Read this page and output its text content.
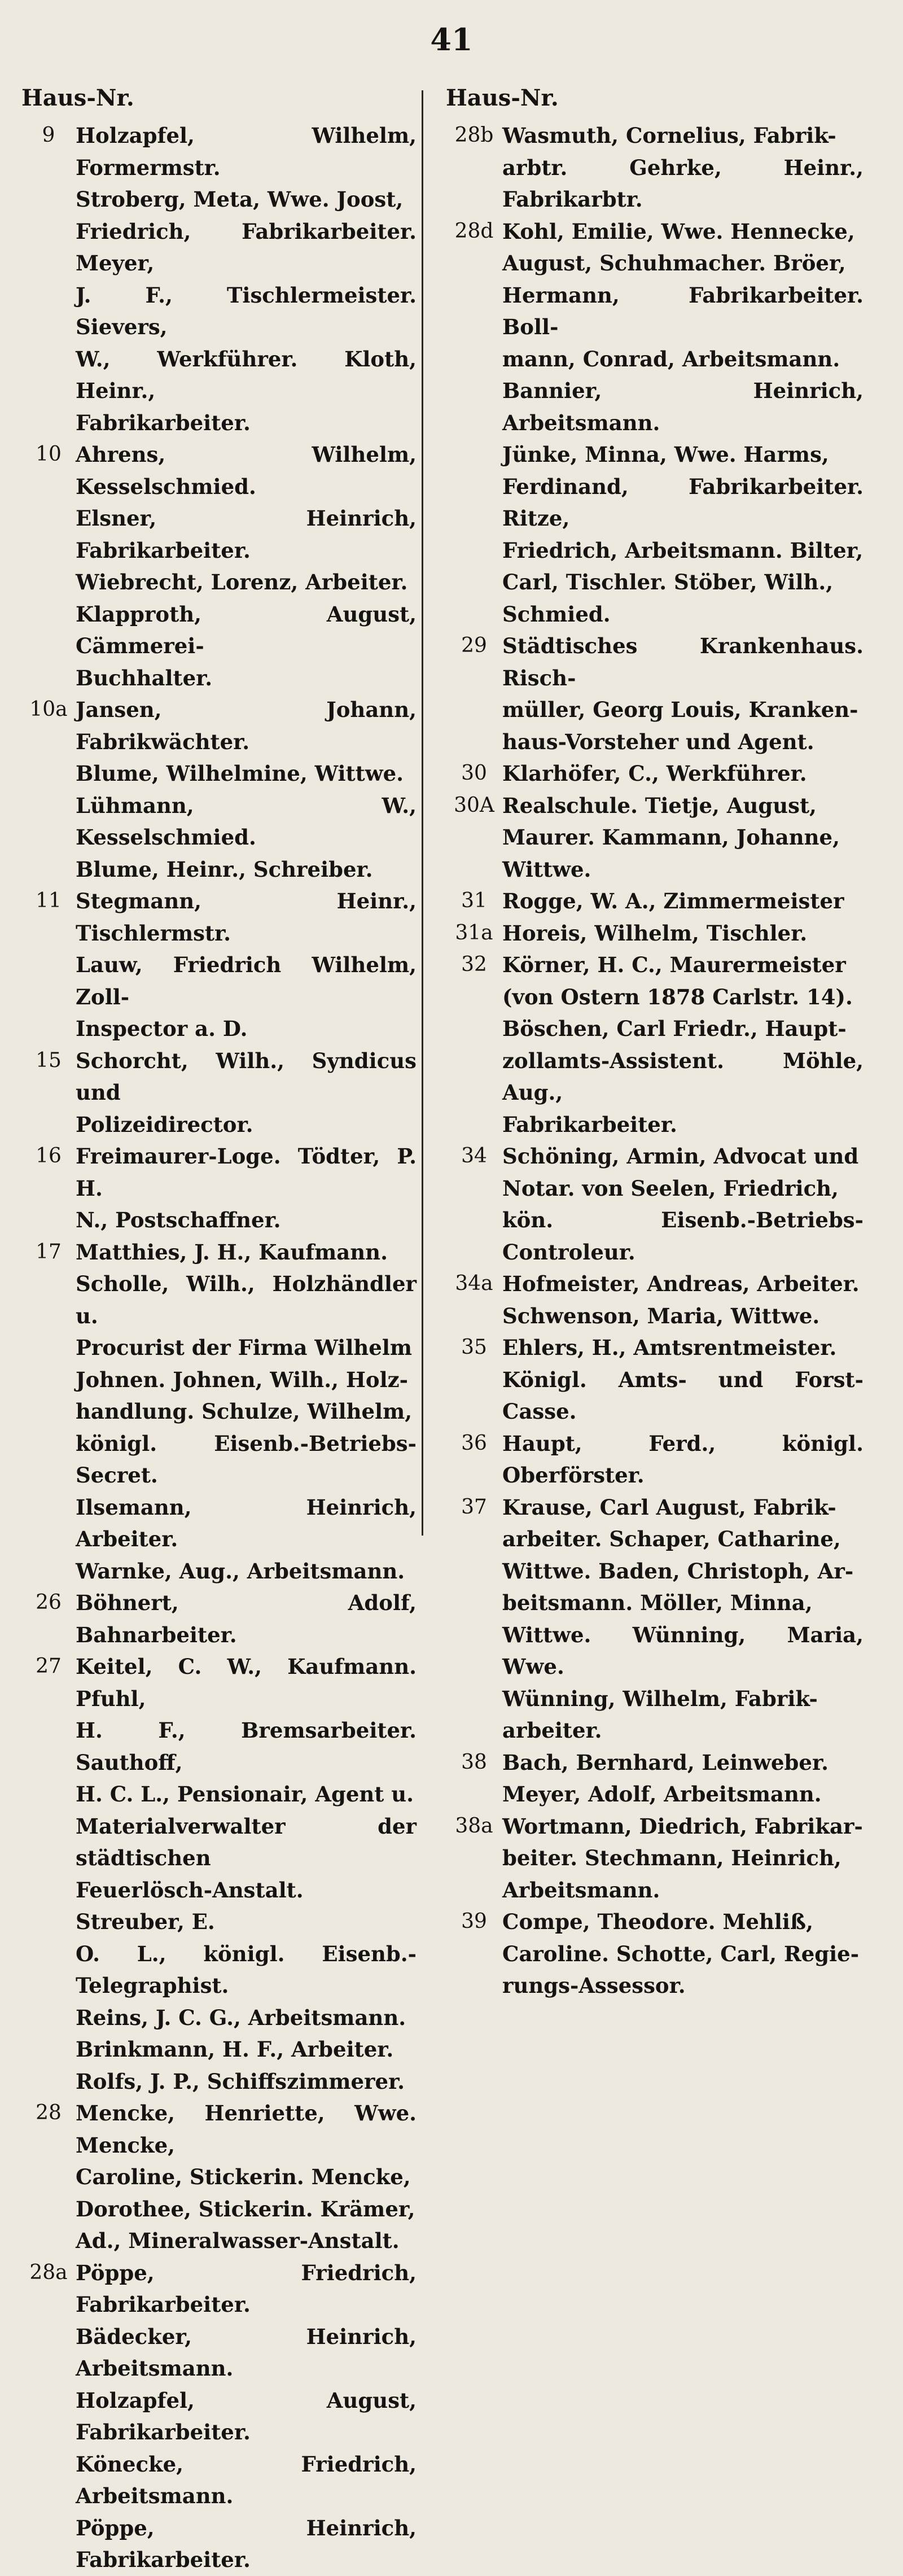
41
Haus-Nr.
9 Holzapfel, Wilhelm, Formermstr.
Stroberg, Meta, Wwe. Joost,
Friedrich, Fabrikarbeiter. Meyer,
J. F., Tischlermeister. Sievers,
W., Werkführer. Kloth, Heinr.,
Fabrikarbeiter.
10 Ahrens, Wilhelm, Kesselschmied.
Elsner, Heinrich, Fabrikarbeiter.
Wiebrecht, Lorenz, Arbeiter.
Klapproth, August, Cämmerei-
Buchhalter.
10a Jansen, Johann, Fabrikwächter.
Blume, Wilhelmine, Wittwe.
Lühmann, W., Kesselschmied.
Blume, Heinr., Schreiber.
11 Stegmann, Heinr., Tischlermstr.
Lauw, Friedrich Wilhelm, Zoll-
Inspector a. D.
15 Schorcht, Wilh., Syndicus und
Polizeidirector.
16 Freimaurer-Loge. Tödter, P. H.
N., Postschaffner.
17 Matthies, J. H., Kaufmann.
Scholle, Wilh., Holzhändler u.
Procurist der Firma Wilhelm
Johnen. Johnen, Wilh., Holz-
handlung. Schulze, Wilhelm,
königl. Eisenb.-Betriebs-Secret.
Ilsemann, Heinrich, Arbeiter.
Warnke, Aug., Arbeitsmann.
26 Böhnert, Adolf, Bahnarbeiter.
27 Keitel, C. W., Kaufmann. Pfuhl,
H. F., Bremsarbeiter. Sauthoff,
H. C. L., Pensionair, Agent u.
Materialverwalter der städtischen
Feuerlösch-Anstalt. Streuber, E.
O. L., königl. Eisenb.-Telegraphist.
Reins, J. C. G., Arbeitsmann.
Brinkmann, H. F., Arbeiter.
Rolfs, J. P., Schiffszimmerer.
28 Mencke, Henriette, Wwe. Mencke,
Caroline, Stickerin. Mencke,
Dorothee, Stickerin. Krämer,
Ad., Mineralwasser-Anstalt.
28a Pöppe, Friedrich, Fabrikarbeiter.
Bädecker, Heinrich, Arbeitsmann.
Holzapfel, August, Fabrikarbeiter.
Könecke, Friedrich, Arbeitsmann.
Pöppe, Heinrich, Fabrikarbeiter.
Haus-Nr.
28b Wasmuth, Cornelius, Fabrik-
arbtr. Gehrke, Heinr., Fabrikarbtr.
28d Kohl, Emilie, Wwe. Hennecke,
August, Schuhmacher. Bröer,
Hermann, Fabrikarbeiter. Boll-
mann, Conrad, Arbeitsmann.
Bannier, Heinrich, Arbeitsmann.
Jünke, Minna, Wwe. Harms,
Ferdinand, Fabrikarbeiter. Ritze,
Friedrich, Arbeitsmann. Bilter,
Carl, Tischler. Stöber, Wilh.,
Schmied.
29 Städtisches Krankenhaus. Risch-
müller, Georg Louis, Kranken-
haus-Vorsteher und Agent.
30 Klarhöfer, C., Werkführer.
30A Realschule. Tietje, August,
Maurer. Kammann, Johanne,
Wittwe.
31 Rogge, W. A., Zimmermeister
31a Horeis, Wilhelm, Tischler.
32 Körner, H. C., Maurermeister
(von Ostern 1878 Carlstr. 14).
Böschen, Carl Friedr., Haupt-
zollamts-Assistent. Möhle, Aug.,
Fabrikarbeiter.
34 Schöning, Armin, Advocat und
Notar. von Seelen, Friedrich,
kön. Eisenb.-Betriebs-Controleur.
34a Hofmeister, Andreas, Arbeiter.
Schwenson, Maria, Wittwe.
35 Ehlers, H., Amtsrentmeister.
Königl. Amts- und Forst-Casse.
36 Haupt, Ferd., königl. Oberförster.
37 Krause, Carl August, Fabrik-
arbeiter. Schaper, Catharine,
Wittwe. Baden, Christoph, Ar-
beitsmann. Möller, Minna,
Wittwe. Wünning, Maria, Wwe.
Wünning, Wilhelm, Fabrik-
arbeiter.
38 Bach, Bernhard, Leinweber.
Meyer, Adolf, Arbeitsmann.
38a Wortmann, Diedrich, Fabrikar-
beiter. Stechmann, Heinrich,
Arbeitsmann.
39 Compe, Theodore. Mehliß,
Caroline. Schotte, Carl, Regie-
rungs-Assessor.
